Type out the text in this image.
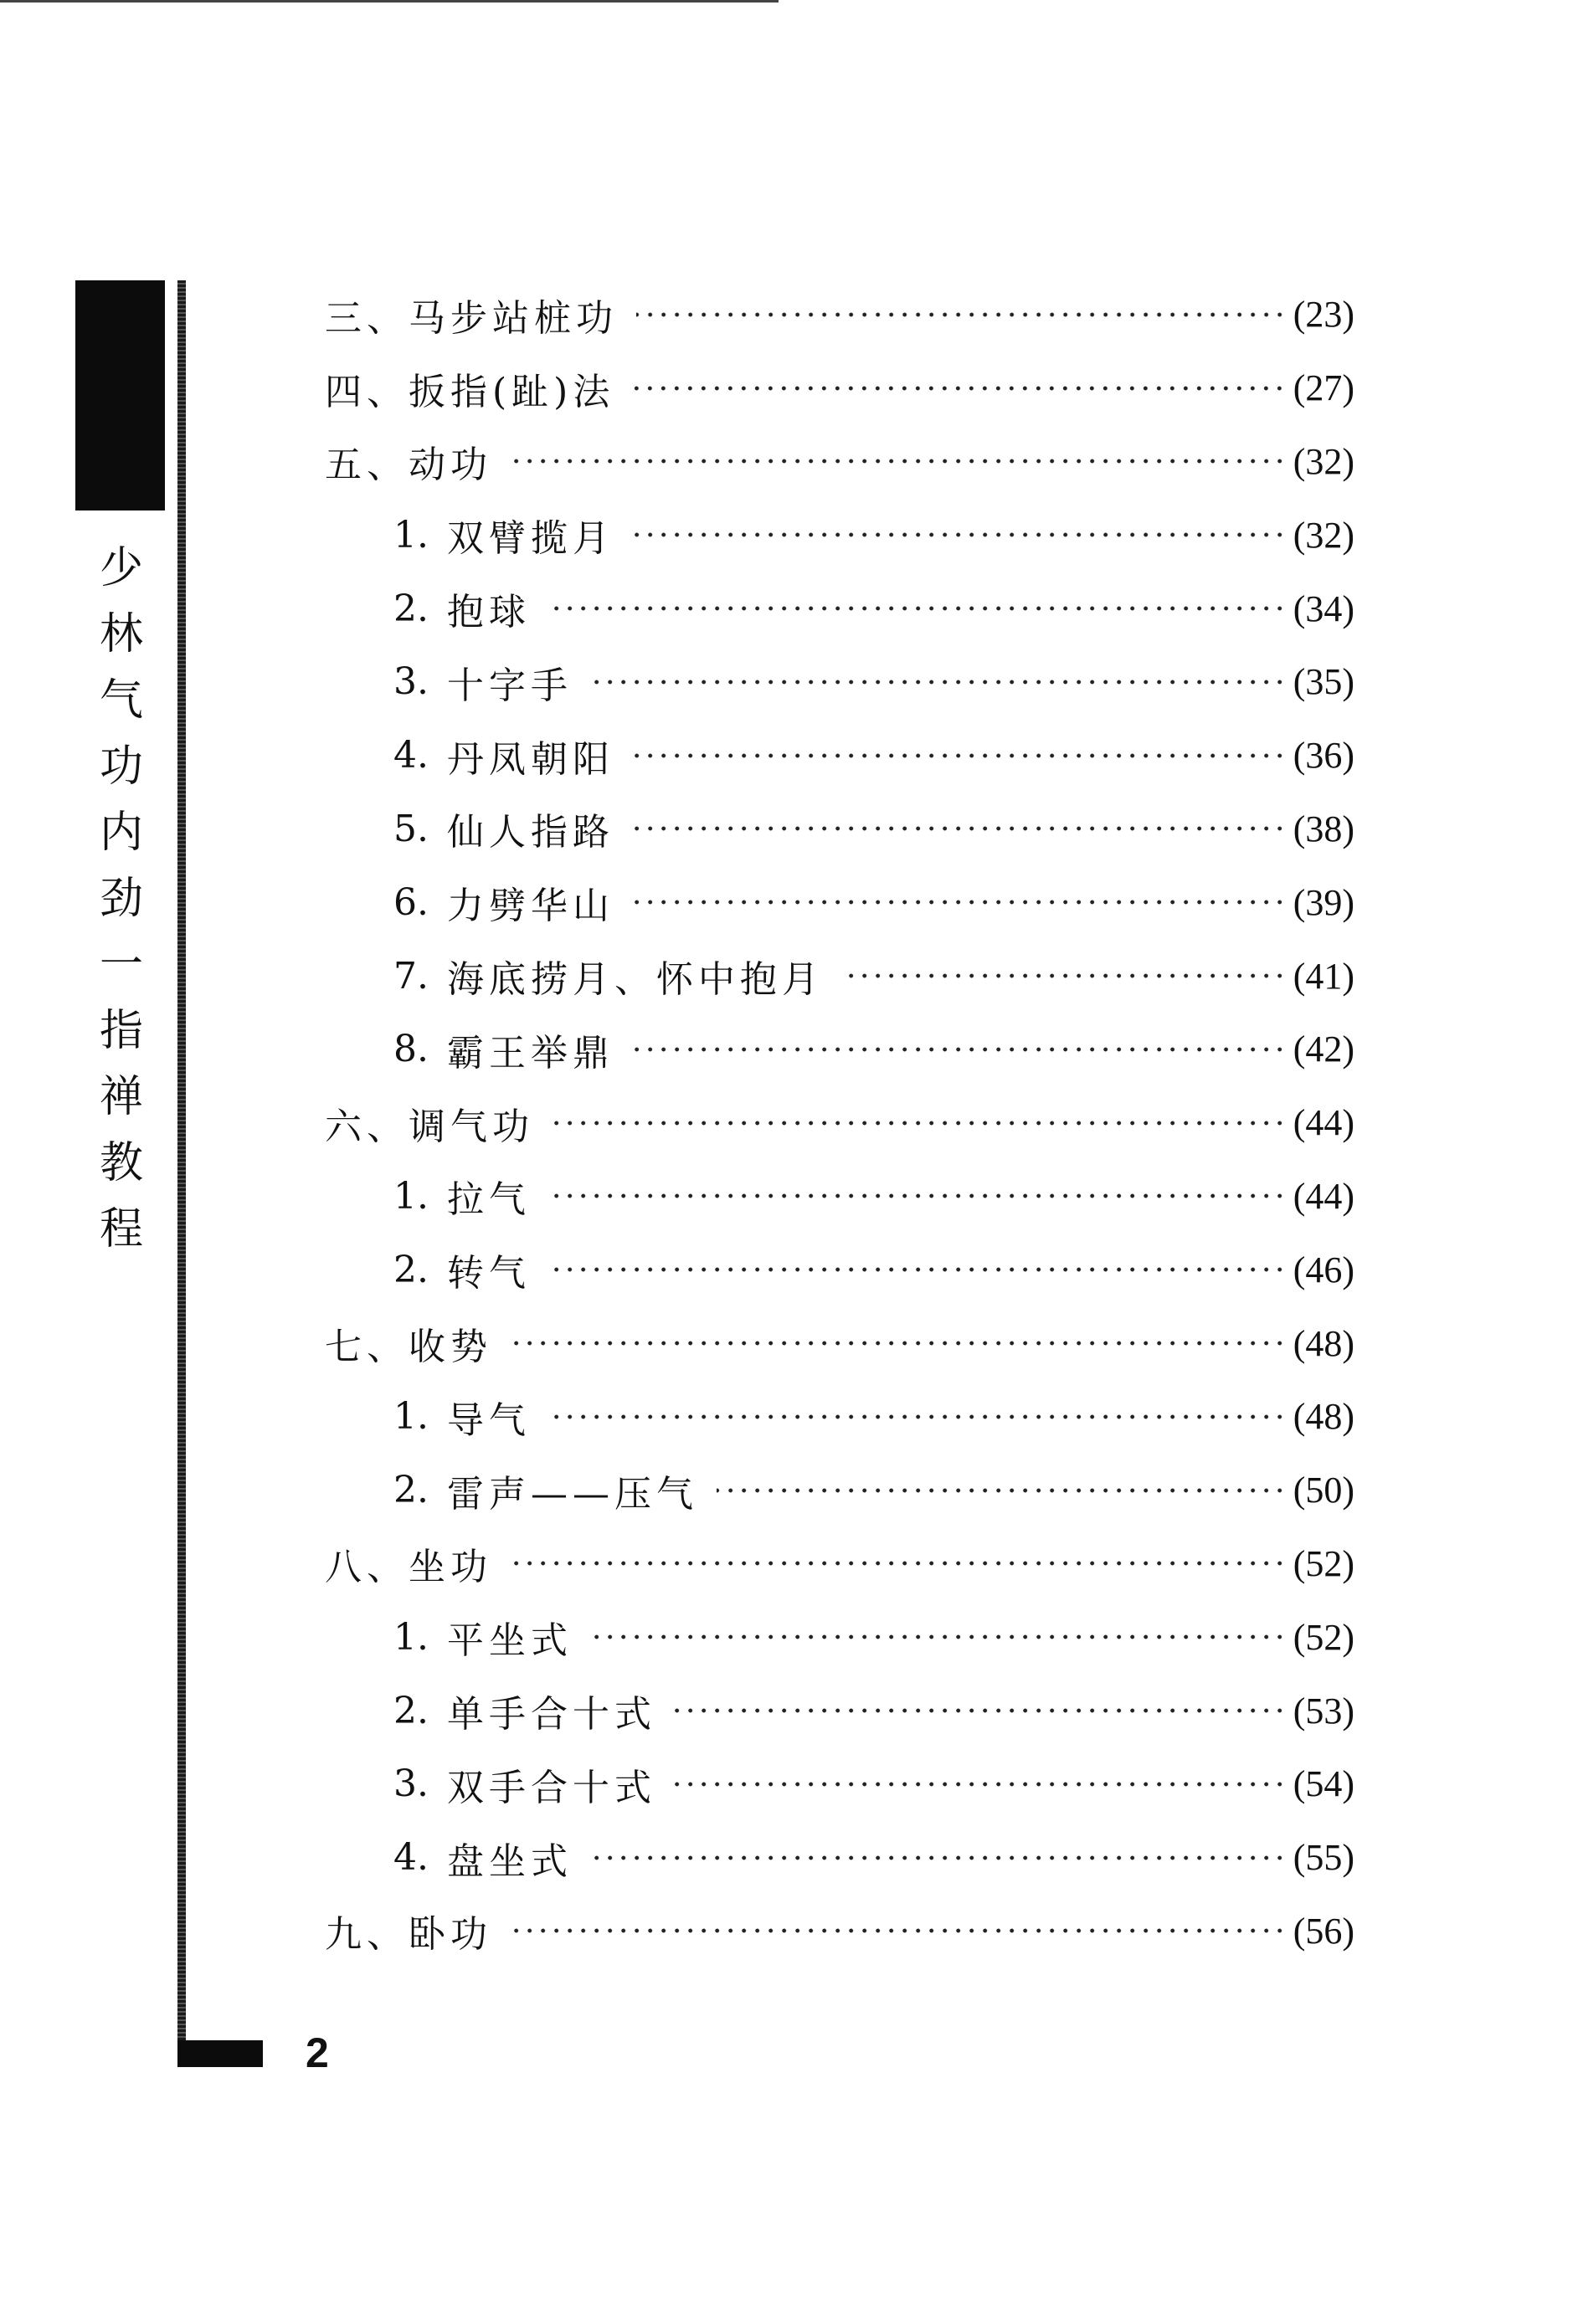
少
林
气
功
内
劲
一
指
禅
教
程
2
三、马步站桩功	(23)
四、扳指(趾)法	(27)
五、动功	(32)
1. 双臂揽月	(32)
2. 抱球	(34)
3. 十字手	(35)
4. 丹凤朝阳	(36)
5. 仙人指路	(38)
6. 力劈华山	(39)
7. 海底捞月、怀中抱月	(41)
8. 霸王举鼎	(42)
六、调气功	(44)
1. 拉气	(44)
2. 转气	(46)
七、收势	(48)
1. 导气	(48)
2. 雷声——压气	(50)
八、坐功	(52)
1. 平坐式	(52)
2. 单手合十式	(53)
3. 双手合十式	(54)
4. 盘坐式	(55)
九、卧功	(56)
